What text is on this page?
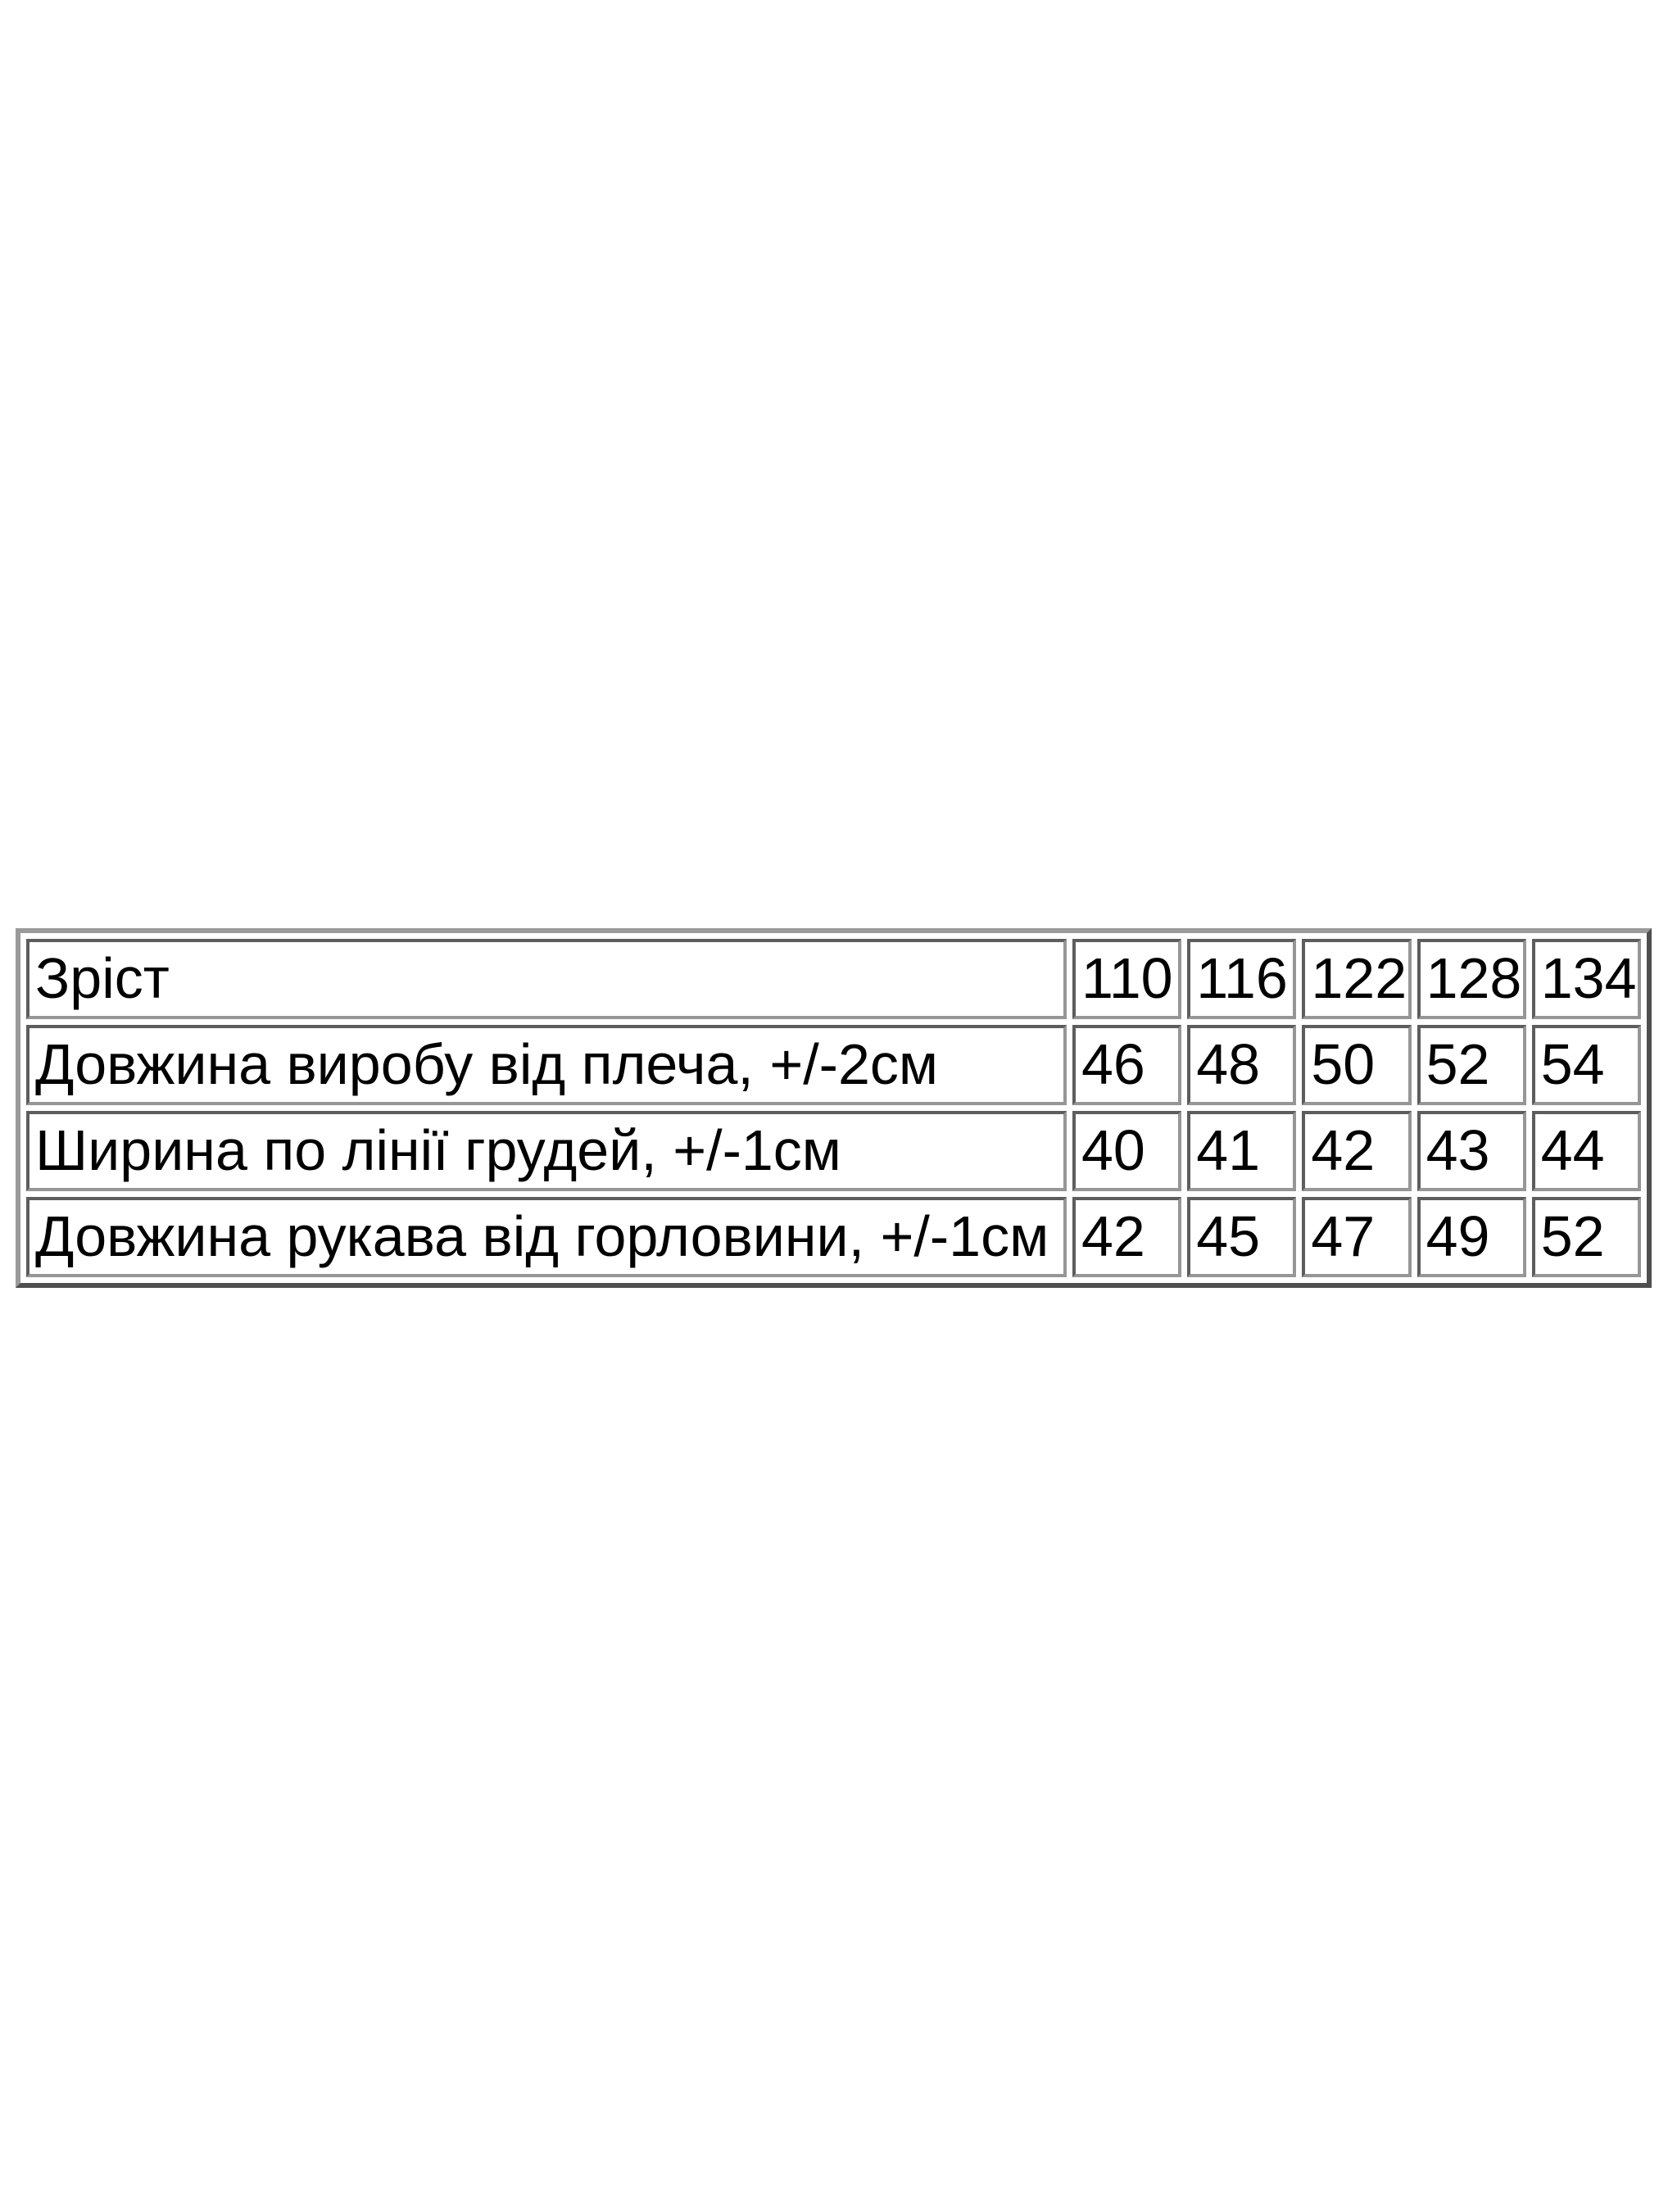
Зріст	110	116	122	128	134
Довжина виробу від плеча, +/-2см	46	48	50	52	54
Ширина по лінії грудей, +/-1см	40	41	42	43	44
Довжина рукава від горловини, +/-1см	42	45	47	49	52
